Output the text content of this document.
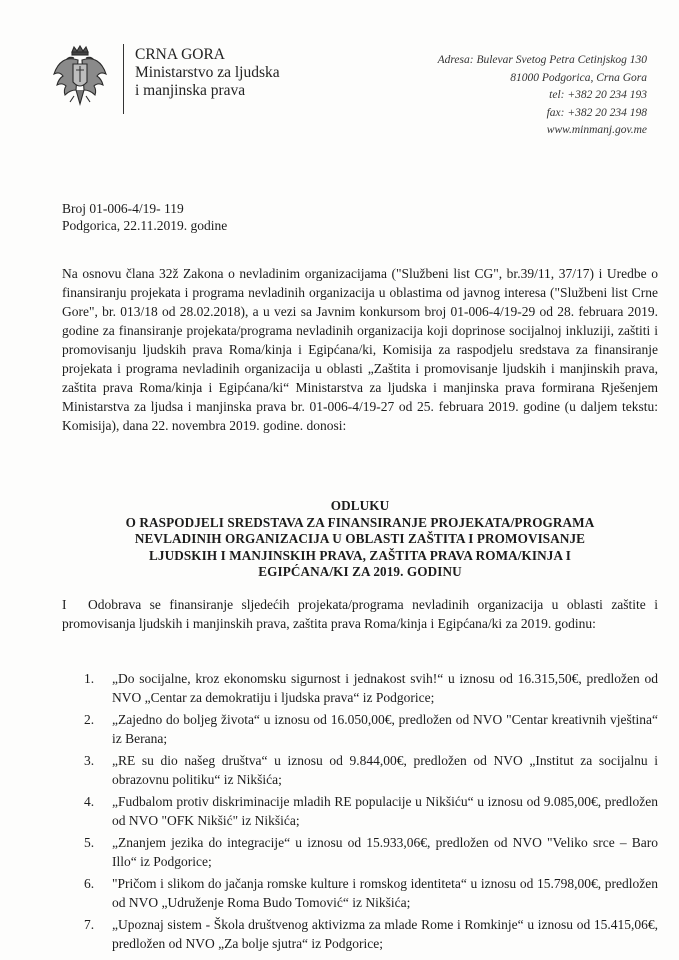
CRNA GORA
Ministarstvo za ljudska
i manjinska prava
Adresa: Bulevar Svetog Petra Cetinjskog 130
81000 Podgorica, Crna Gora
tel: +382 20 234 193
fax: +382 20 234 198
www.minmanj.gov.me
Broj 01-006-4/19- 119
Podgorica, 22.11.2019. godine
Na osnovu člana 32ž Zakona o nevladinim organizacijama ("Službeni list CG", br.39/11, 37/17) i Uredbe o finansiranju projekata i programa nevladinih organizacija u oblastima od javnog interesa ("Službeni list Crne Gore", br. 013/18 od 28.02.2018), a u vezi sa Javnim konkursom broj 01-006-4/19-29 od 28. februara 2019. godine za finansiranje projekata/programa nevladinih organizacija koji doprinose socijalnoj inkluziji, zaštiti i promovisanju ljudskih prava Roma/kinja i Egipćana/ki, Komisija za raspodjelu sredstava za finansiranje projekata i programa nevladinih organizacija u oblasti „Zaštita i promovisanje ljudskih i manjinskih prava, zaštita prava Roma/kinja i Egipćana/ki“ Ministarstva za ljudska i manjinska prava formirana Rješenjem Ministarstva za ljudsa i manjinska prava br. 01-006-4/19-27 od 25. februara 2019. godine (u daljem tekstu: Komisija), dana 22. novembra 2019. godine. donosi:
ODLUKU
O RASPODJELI SREDSTAVA ZA FINANSIRANJE PROJEKATA/PROGRAMA
NEVLADINIH ORGANIZACIJA U OBLASTI ZAŠTITA I PROMOVISANJE
LJUDSKIH I MANJINSKIH PRAVA, ZAŠTITA PRAVA ROMA/KINJA I
EGIPĆANA/KI ZA 2019. GODINU
I Odobrava se finansiranje sljedećih projekata/programa nevladinih organizacija u oblasti zaštite i promovisanja ljudskih i manjinskih prava, zaštita prava Roma/kinja i Egipćana/ki za 2019. godinu:
1. „Do socijalne, kroz ekonomsku sigurnost i jednakost svih!“ u iznosu od 16.315,50€, predložen od NVO „Centar za demokratiju i ljudska prava“ iz Podgorice;
2. „Zajedno do boljeg života“ u iznosu od 16.050,00€, predložen od NVO "Centar kreativnih vještina“ iz Berana;
3. „RE su dio našeg društva“ u iznosu od 9.844,00€, predložen od NVO „Institut za socijalnu i obrazovnu politiku“ iz Nikšića;
4. „Fudbalom protiv diskriminacije mladih RE populacije u Nikšiću“ u iznosu od 9.085,00€, predložen od NVO "OFK Nikšić" iz Nikšića;
5. „Znanjem jezika do integracije“ u iznosu od 15.933,06€, predložen od NVO "Veliko srce – Baro Illo“ iz Podgorice;
6. "Pričom i slikom do jačanja romske kulture i romskog identiteta“ u iznosu od 15.798,00€, predložen od NVO „Udruženje Roma Budo Tomović“ iz Nikšića;
7. „Upoznaj sistem - Škola društvenog aktivizma za mlade Rome i Romkinje“ u iznosu od 15.415,06€, predložen od NVO „Za bolje sjutra“ iz Podgorice;
